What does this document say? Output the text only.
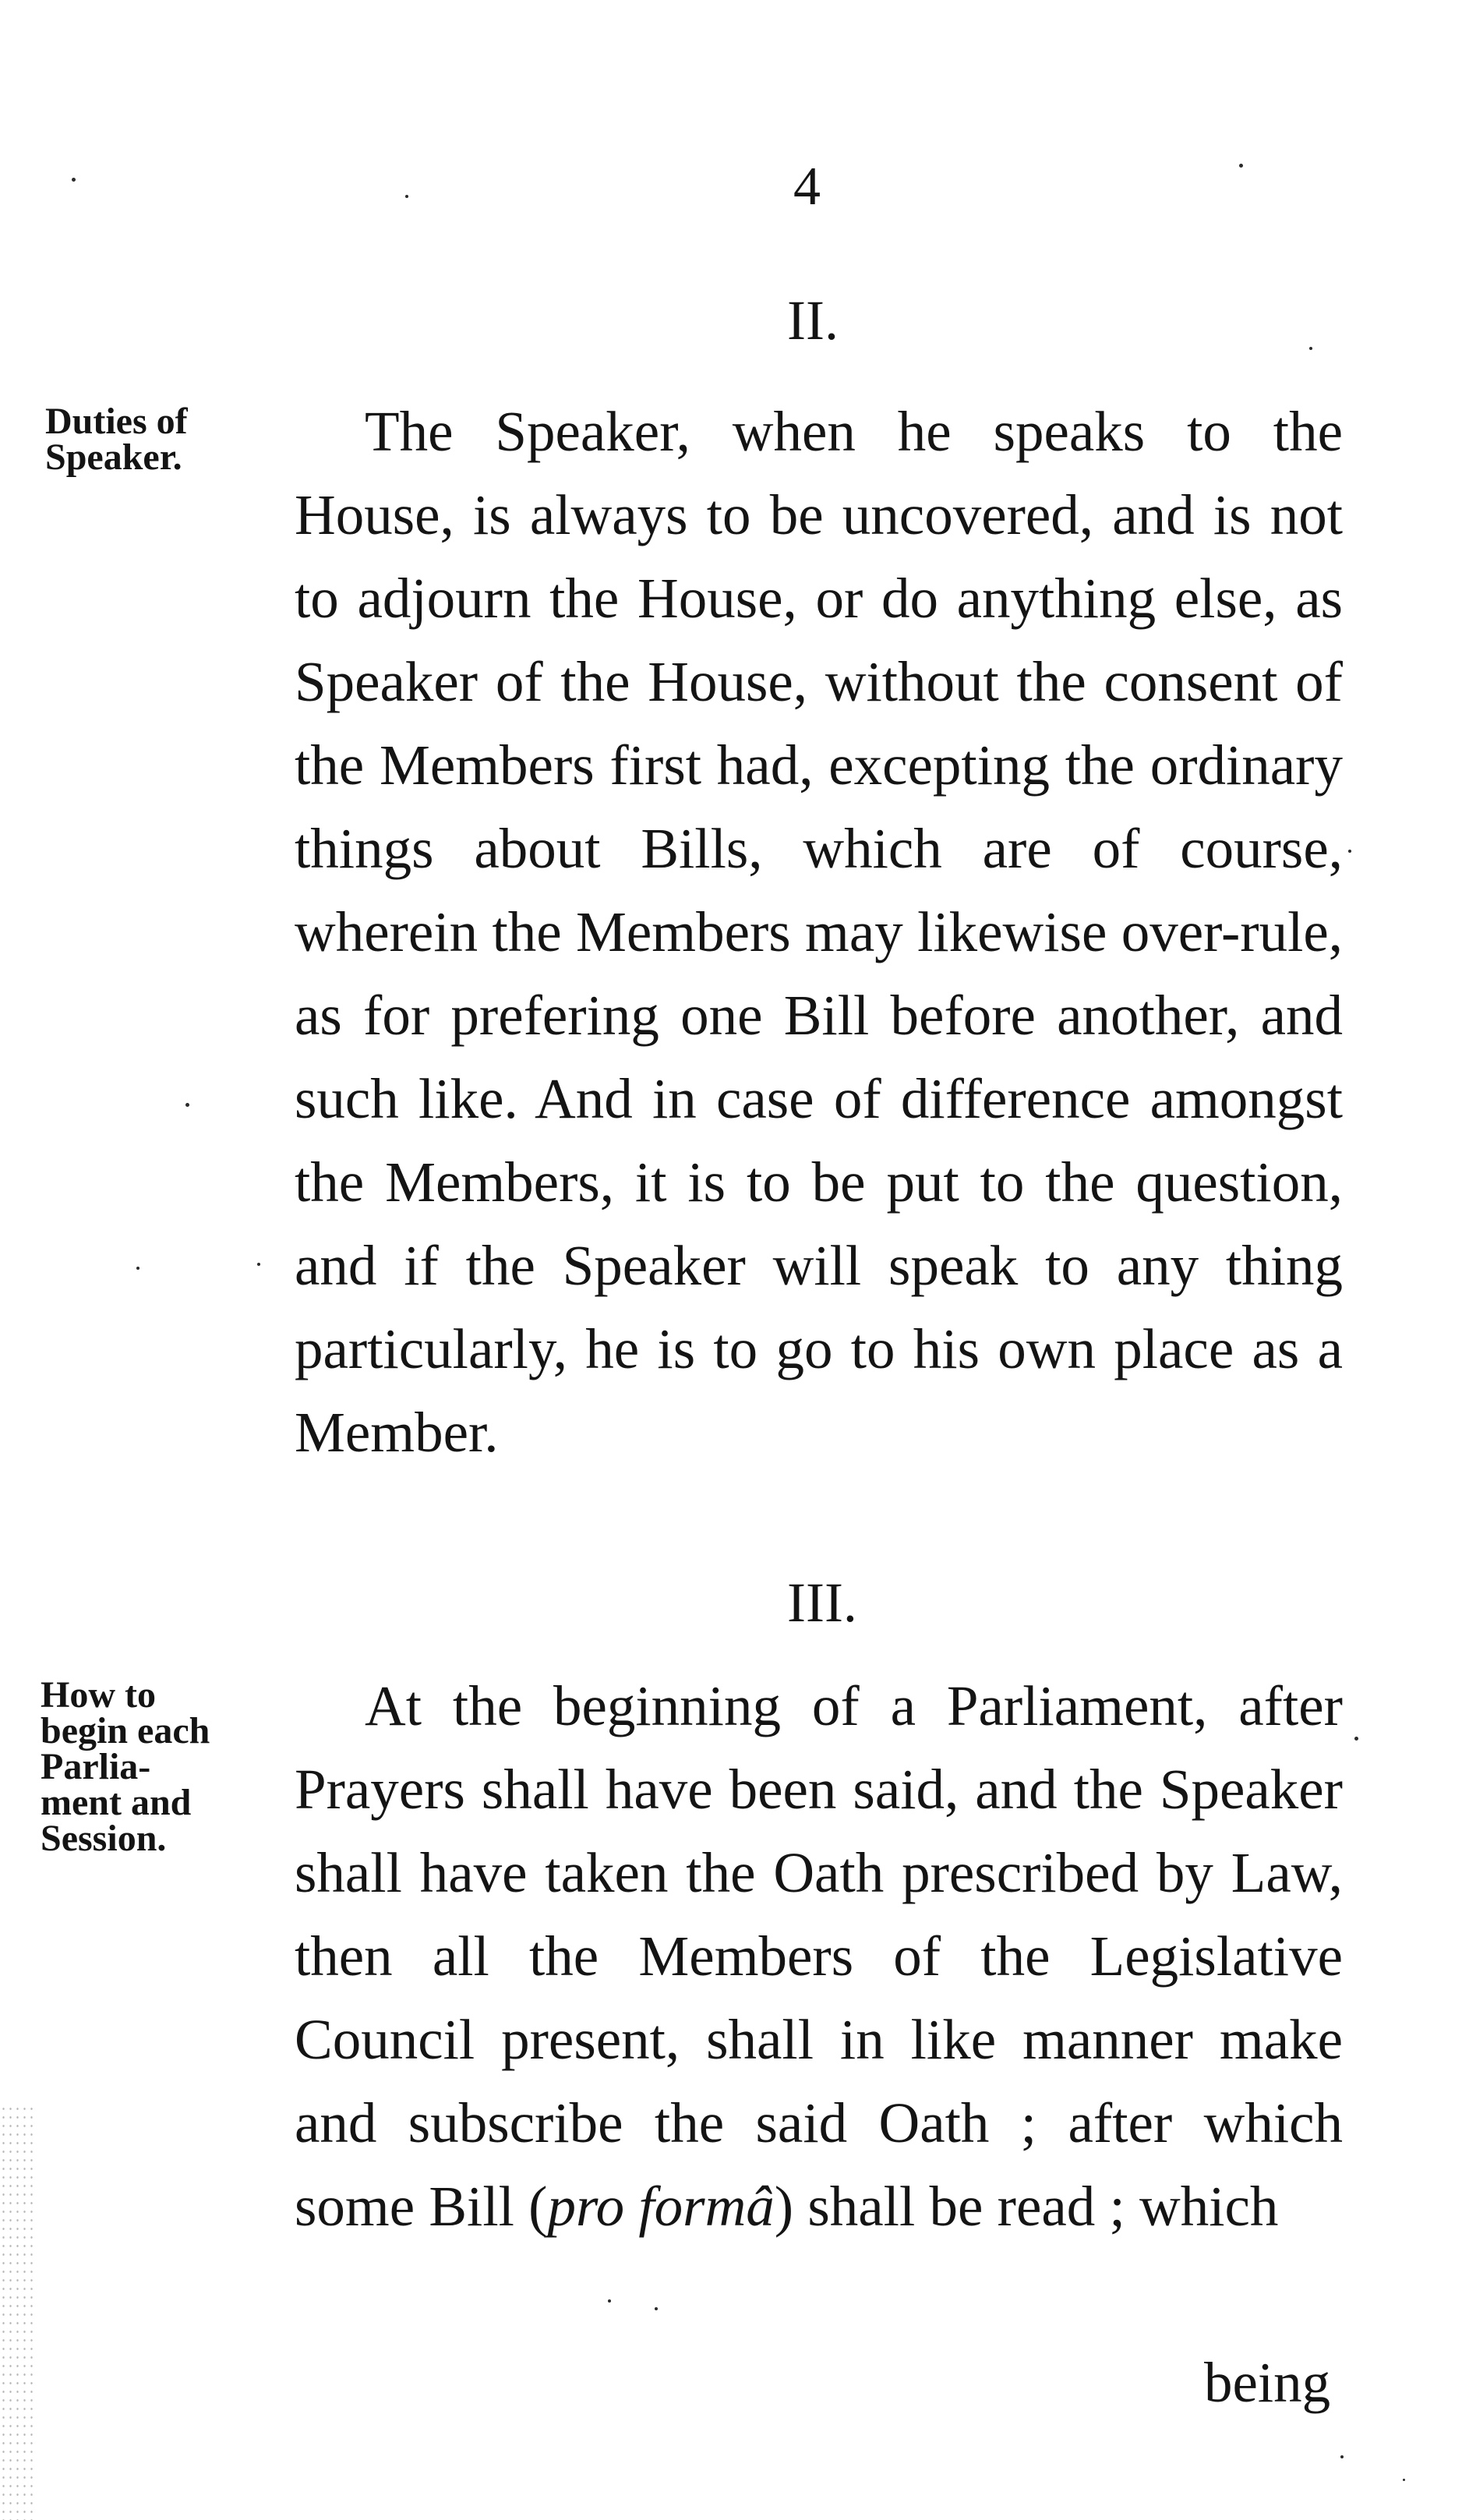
4
II.

Duties of
Speaker.	The Speaker, when he speaks to the House, is always to be uncovered, and is not to adjourn the House, or do anything else, as Speaker of the House, without the consent of the Members first had, excepting the ordinary things about Bills, which are of course, wherein the Members may likewise over-rule, as for prefering one Bill before another, and such like. And in case of difference amongst the Members, it is to be put to the question, and if the Speaker will speak to any thing particularly, he is to go to his own place as a Member.

III.

How to
begin each
Parlia-
ment and
Session.

At the beginning of a Parliament, after Prayers shall have been said, and the Speaker shall have taken the Oath prescribed by Law, then all the Members of the Legislative Council present, shall in like manner make and subscribe the said Oath ; after which some Bill (pro formâ) shall be read ; which

being
